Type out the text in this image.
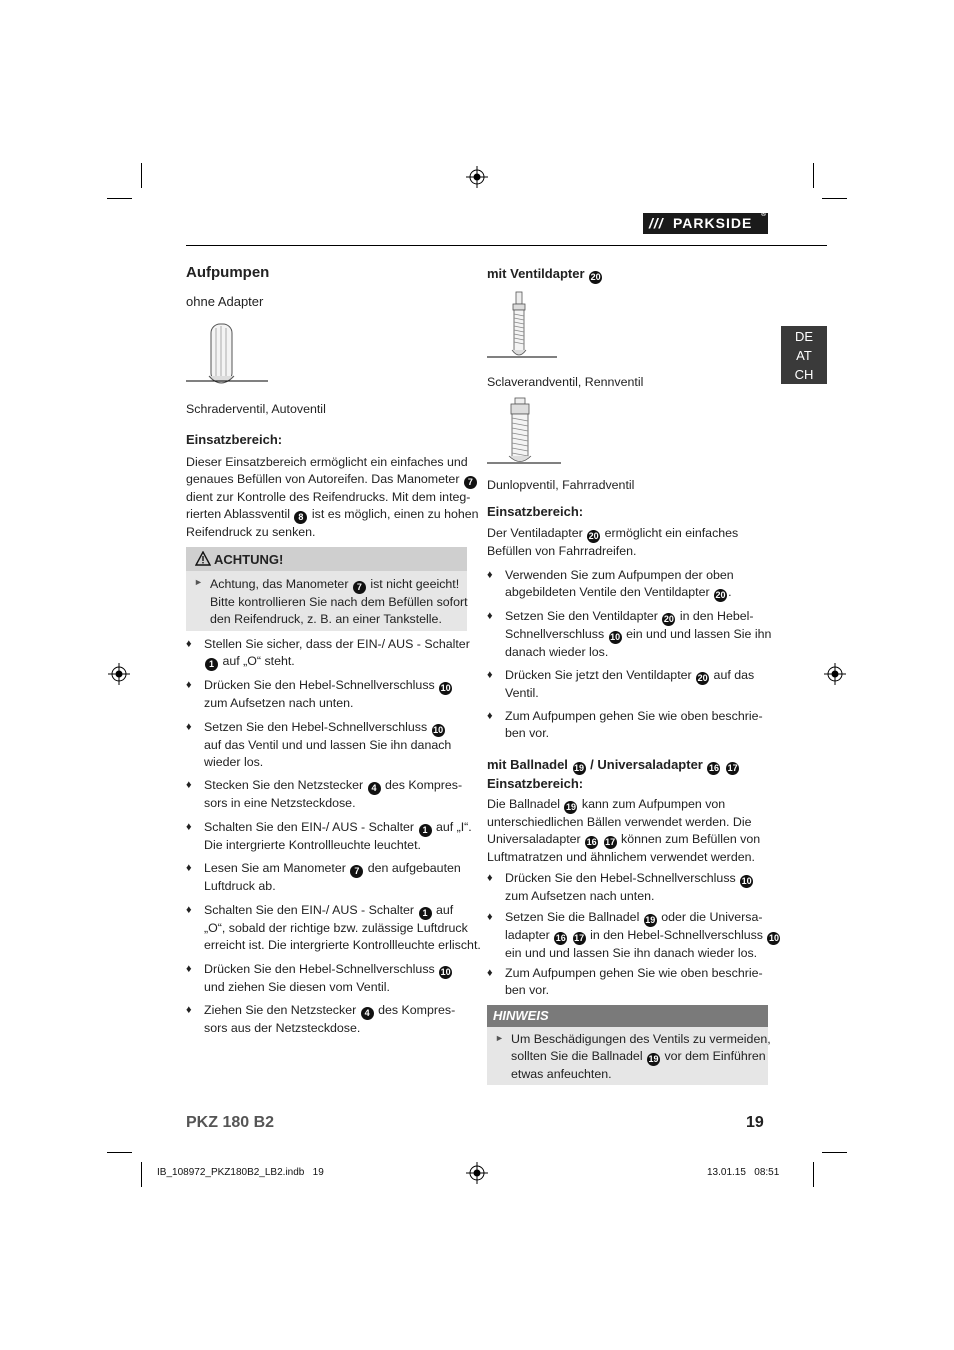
/// PARKSIDE
®
DE
AT
CH
Aufpumpen
ohne Adapter
Schraderventil, Autoventil
Einsatzbereich:
Dieser Einsatzbereich ermöglicht ein einfaches und
genaues Befüllen von Autoreifen. Das Manometer 7
dient zur Kontrolle des Reifendrucks. Mit dem integ-
rierten Ablassventil 8 ist es möglich, einen zu hohen
Reifendruck zu senken.
ACHTUNG!
► Achtung, das Manometer 7 ist nicht geeicht!
Bitte kontrollieren Sie nach dem Befüllen sofort
den Reifendruck, z. B. an einer Tankstelle.
♦ Stellen Sie sicher, dass der EIN-/ AUS - Schalter
1 auf „O“ steht.
♦ Drücken Sie den Hebel-Schnellverschluss 10
zum Aufsetzen nach unten.
♦ Setzen Sie den Hebel-Schnellverschluss 10
auf das Ventil und und lassen Sie ihn danach
wieder los.
♦ Stecken Sie den Netzstecker 4 des Kompres-
sors in eine Netzsteckdose.
♦ Schalten Sie den EIN-/ AUS - Schalter 1 auf „I“.
Die intergrierte Kontrollleuchte leuchtet.
♦ Lesen Sie am Manometer 7 den aufgebauten
Luftdruck ab.
♦ Schalten Sie den EIN-/ AUS - Schalter 1 auf
„O“, sobald der richtige bzw. zulässige Luftdruck
erreicht ist. Die intergrierte Kontrollleuchte erlischt.
♦ Drücken Sie den Hebel-Schnellverschluss 10
und ziehen Sie diesen vom Ventil.
♦ Ziehen Sie den Netzstecker 4 des Kompres-
sors aus der Netzsteckdose.
mit Ventildapter 20
Sclaverandventil, Rennventil
Dunlopventil, Fahrradventil
Einsatzbereich:
Der Ventiladapter 20 ermöglicht ein einfaches
Befüllen von Fahrradreifen.
♦ Verwenden Sie zum Aufpumpen der oben
abgebildeten Ventile den Ventildapter 20 .
♦ Setzen Sie den Ventildapter 20 in den Hebel-
Schnellverschluss 10 ein und und lassen Sie ihn
danach wieder los.
♦ Drücken Sie jetzt den Ventildapter 20 auf das
Ventil.
♦ Zum Aufpumpen gehen Sie wie oben beschrie-
ben vor.
mit Ballnadel 19 / Universaladapter 16 17
Einsatzbereich:
Die Ballnadel 19 kann zum Aufpumpen von
unterschiedlichen Bällen verwendet werden. Die
Universaladapter 16 17 können zum Befüllen von
Luftmatratzen und ähnlichem verwendet werden.
♦ Drücken Sie den Hebel-Schnellverschluss 10
zum Aufsetzen nach unten.
♦ Setzen Sie die Ballnadel 19 oder die Universa-
ladapter 16 17 in den Hebel-Schnellverschluss 10
ein und und lassen Sie ihn danach wieder los.
♦ Zum Aufpumpen gehen Sie wie oben beschrie-
ben vor.
HINWEIS
► Um Beschädigungen des Ventils zu vermeiden,
sollten Sie die Ballnadel 19 vor dem Einführen
etwas anfeuchten.
PKZ 180 B2	19
IB_108972_PKZ180B2_LB2.indb   19	13.01.15   08:51
